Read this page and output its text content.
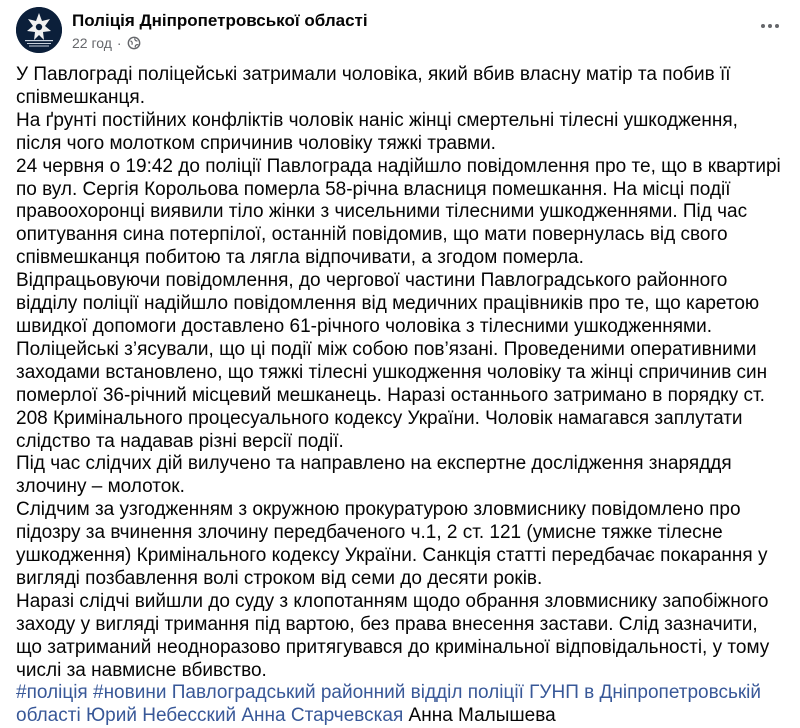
Поліція Дніпропетровської області
22 год ·

У Павлограді поліцейські затримали чоловіка, який вбив власну матір та побив її співмешканця.

На ґрунті постійних конфліктів чоловік наніс жінці смертельні тілесні ушкодження, після чого молотком спричинив чоловіку тяжкі травми.

24 червня о 19:42 до поліції Павлограда надійшло повідомлення про те, що в квартирі по вул. Сергія Корольова померла 58-річна власниця помешкання. На місці події правоохоронці виявили тіло жінки з чисельними тілесними ушкодженнями. Під час опитування сина потерпілої, останній повідомив, що мати повернулась від свого співмешканця побитою та лягла відпочивати, а згодом померла.

Відпрацьовуючи повідомлення, до чергової частини Павлоградського районного відділу поліції надійшло повідомлення від медичних працівників про те, що каретою швидкої допомоги доставлено 61-річного чоловіка з тілесними ушкодженнями.

Поліцейські з’ясували, що ці події між собою пов’язані. Проведеними оперативними заходами встановлено, що тяжкі тілесні ушкодження чоловіку та жінці спричинив син померлої 36-річний місцевий мешканець. Наразі останнього затримано в порядку ст. 208 Кримінального процесуального кодексу України. Чоловік намагався заплутати слідство та надавав різні версії події.

Під час слідчих дій вилучено та направлено на експертне дослідження знаряддя злочину – молоток.

Слідчим за узгодженням з окружною прокуратурою зловмиснику повідомлено про підозру за вчинення злочину передбаченого ч.1, 2 ст. 121 (умисне тяжке тілесне ушкодження) Кримінального кодексу України. Санкція статті передбачає покарання у вигляді позбавлення волі строком від семи до десяти років.

Наразі слідчі вийшли до суду з клопотанням щодо обрання зловмиснику запобіжного заходу у вигляді тримання під вартою, без права внесення застави. Слід зазначити, що затриманий неодноразово притягувався до кримінальної відповідальності, у тому числі за навмисне вбивство.

#поліція #новини Павлоградський районний відділ поліції ГУНП в Дніпропетровській області Юрий Небесский Анна Старчевская Анна Малышева
